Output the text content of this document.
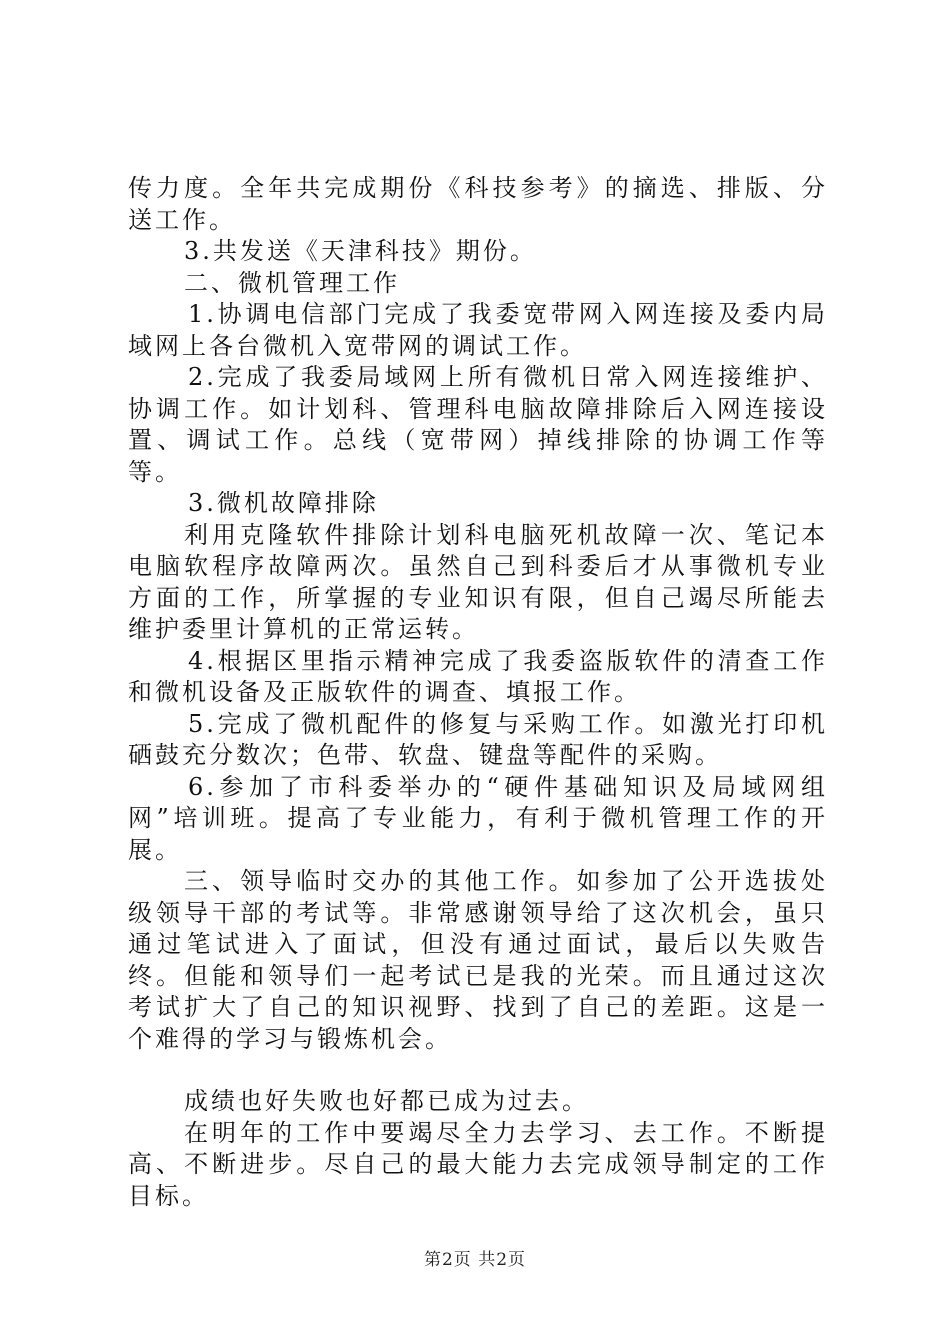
传力度。全年共完成期份《科技参考》的摘选、排版、分送工作。

3.共发送《天津科技》期份。

二、微机管理工作

1.协调电信部门完成了我委宽带网入网连接及委内局域网上各台微机入宽带网的调试工作。

2.完成了我委局域网上所有微机日常入网连接维护、协调工作。如计划科、管理科电脑故障排除后入网连接设置、调试工作。总线（宽带网）掉线排除的协调工作等等。

3.微机故障排除

利用克隆软件排除计划科电脑死机故障一次、笔记本电脑软程序故障两次。虽然自己到科委后才从事微机专业方面的工作，所掌握的专业知识有限，但自己竭尽所能去维护委里计算机的正常运转。

4.根据区里指示精神完成了我委盗版软件的清查工作和微机设备及正版软件的调查、填报工作。

5.完成了微机配件的修复与采购工作。如激光打印机硒鼓充分数次；色带、软盘、键盘等配件的采购。

6.参加了市科委举办的“硬件基础知识及局域网组网”培训班。提高了专业能力，有利于微机管理工作的开展。

三、领导临时交办的其他工作。如参加了公开选拔处级领导干部的考试等。非常感谢领导给了这次机会，虽只通过笔试进入了面试，但没有通过面试，最后以失败告终。但能和领导们一起考试已是我的光荣。而且通过这次考试扩大了自己的知识视野、找到了自己的差距。这是一个难得的学习与锻炼机会。

成绩也好失败也好都已成为过去。

在明年的工作中要竭尽全力去学习、去工作。不断提高、不断进步。尽自己的最大能力去完成领导制定的工作目标。

第2页 共2页
